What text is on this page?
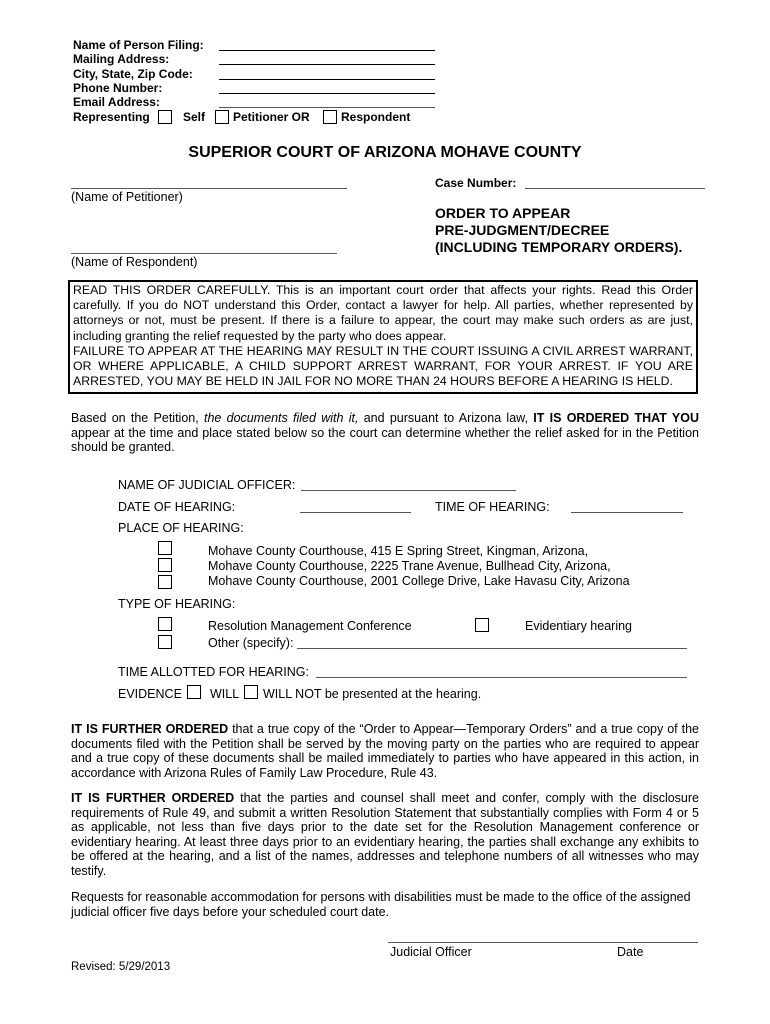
Name of Person Filing:
Mailing Address:
City, State, Zip Code:
Phone Number:
Email Address:
Representing	Self Petitioner OR	Respondent
SUPERIOR COURT OF ARIZONA MOHAVE COUNTY
(Name of Petitioner)
Case Number:
ORDER TO APPEAR
PRE-JUDGMENT/DECREE
(INCLUDING TEMPORARY ORDERS).
(Name of Respondent)
READ THIS ORDER CAREFULLY. This is an important court order that affects your rights. Read this Order carefully. If you do NOT understand this Order, contact a lawyer for help. All parties, whether represented by attorneys or not, must be present. If there is a failure to appear, the court may make such orders as are just, including granting the relief requested by the party who does appear.
FAILURE TO APPEAR AT THE HEARING MAY RESULT IN THE COURT ISSUING A CIVIL ARREST WARRANT, OR WHERE APPLICABLE, A CHILD SUPPORT ARREST WARRANT, FOR YOUR ARREST. IF YOU ARE ARRESTED, YOU MAY BE HELD IN JAIL FOR NO MORE THAN 24 HOURS BEFORE A HEARING IS HELD.
Based on the Petition, the documents filed with it, and pursuant to Arizona law, IT IS ORDERED THAT YOU appear at the time and place stated below so the court can determine whether the relief asked for in the Petition should be granted.
NAME OF JUDICIAL OFFICER:
DATE OF HEARING:	TIME OF HEARING:
PLACE OF HEARING:
Mohave County Courthouse, 415 E Spring Street, Kingman, Arizona,
Mohave County Courthouse, 2225 Trane Avenue, Bullhead City, Arizona,
Mohave County Courthouse, 2001 College Drive, Lake Havasu City, Arizona
TYPE OF HEARING:
Resolution Management Conference	Evidentiary hearing
Other (specify):
TIME ALLOTTED FOR HEARING:
EVIDENCE WILL WILL NOT be presented at the hearing.
IT IS FURTHER ORDERED that a true copy of the “Order to Appear—Temporary Orders” and a true copy of the documents filed with the Petition shall be served by the moving party on the parties who are required to appear and a true copy of these documents shall be mailed immediately to parties who have appeared in this action, in accordance with Arizona Rules of Family Law Procedure, Rule 43.
IT IS FURTHER ORDERED that the parties and counsel shall meet and confer, comply with the disclosure requirements of Rule 49, and submit a written Resolution Statement that substantially complies with Form 4 or 5 as applicable, not less than five days prior to the date set for the Resolution Management conference or evidentiary hearing. At least three days prior to an evidentiary hearing, the parties shall exchange any exhibits to be offered at the hearing, and a list of the names, addresses and telephone numbers of all witnesses who may testify.
Requests for reasonable accommodation for persons with disabilities must be made to the office of the assigned judicial officer five days before your scheduled court date.
Judicial Officer	Date
Revised: 5/29/2013
